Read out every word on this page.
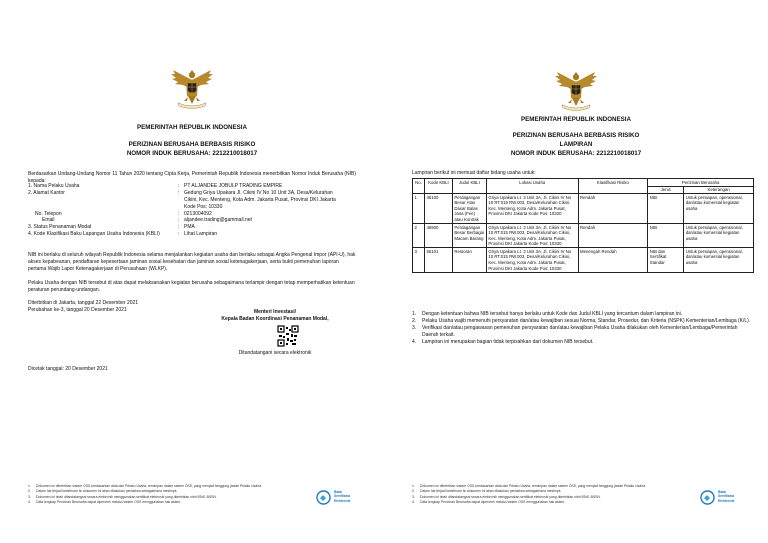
PEMERINTAH REPUBLIK INDONESIA
PERIZINAN BERUSAHA BERBASIS RISIKO
NOMOR INDUK BERUSAHA: 2212210018017
Berdasarkan Undang-Undang Nomor 11 Tahun 2020 tentang Cipta Kerja, Pemerintah Republik Indonesia menerbitkan Nomor Induk Berusaha (NIB) kepada:
1. Nama Pelaku Usaha	: PT ALJANDEE JOBULP TRADING EMPIRE
2. Alamat Kantor	: Gedung Griya Upakara Jl. Cikini IV No 10 Unit 3A, Desa/Kelurahan Cikini, Kec. Menteng, Kota Adm. Jakarta Pusat, Provinsi DKI Jakarta
Kode Pos: 10330
No. Telepon	: 0213004092
Email	: aljandee.trading@gammail.net
3. Status Penanaman Modal	: PMA
4. Kode Klasifikasi Baku Lapangan Usaha Indonesia (KBLI)	: Lihat Lampiran
NIB ini berlaku di seluruh wilayah Republik Indonesia selama menjalankan kegiatan usaha dan berlaku sebagai Angka Pengenal Impor (API-U), hak akses kepabeanan, pendaftaran kepesertaan jaminan sosial kesehatan dan jaminan sosial ketenagakerjaan, serta bukti pemenuhan laporan pertama Wajib Lapor Ketenagakerjaan di Perusahaan (WLKP).
Pelaku Usaha dengan NIB tersebut di atas dapat melaksanakan kegiatan berusaha sebagaimana terlampir dengan tetap memperhatikan ketentuan peraturan perundang-undangan.
Diterbitkan di Jakarta, tanggal 22 Desember 2021
Perubahan ke-3, tanggal 20 Desember 2021	Menteri Investasi/
Kepala Badan Koordinasi Penanaman Modal,
Ditandatangani secara elektronik
Dicetak tanggal: 20 Desember 2021
1.	Dokumen ini diterbitkan sistem OSS berdasarkan data dari Pelaku Usaha, tersimpan dalam sistem OSS, yang menjadi tanggung jawab Pelaku Usaha.
2.	Dalam hal terjadi kekeliruan isi dokumen ini akan dilakukan perbaikan sebagaimana mestinya.
3.	Dokumen ini telah ditandatangani secara elektronik menggunakan sertifikat elektronik yang diterbitkan oleh BSrE-BSSN.
4.	Data lengkap Perizinan Berusaha dapat diperoleh melalui sistem OSS menggunakan hak akses.
Balai
Sertifikasi
Elektronik
PEMERINTAH REPUBLIK INDONESIA
PERIZINAN BERUSAHA BERBASIS RISIKO
LAMPIRAN
NOMOR INDUK BERUSAHA: 2212210018017
Lampiran berikut ini memuat daftar bidang usaha untuk:
No.	Kode KBLI	Judul KBLI	Lokasi Usaha	Klasifikasi Risiko	Perizinan Berusaha	
					Jenis	Keterangan
1	46100	Perdagangan Besar Atas Dasar Balas Jasa (Fee) atau Kontrak	Griya Upakara Lt. 3 Unit 3A, Jl. Cikini IV No 10 RT.015 RW.003, Desa/Kelurahan Cikini, Kec. Menteng, Kota Adm. Jakarta Pusat, Provinsi DKI Jakarta Kode Pos: 10330	Rendah	NIB	Untuk persiapan, operasional, dan/atau komersial kegiatan usaha
2	46900	Perdagangan Besar Berbagai Macam Barang	Griya Upakara Lt. 3 Unit 3A, Jl. Cikini IV No 10 RT.015 RW.003, Desa/Kelurahan Cikini, Kec. Menteng, Kota Adm. Jakarta Pusat, Provinsi DKI Jakarta Kode Pos: 10330	Rendah	NIB	Untuk persiapan, operasional, dan/atau komersial kegiatan usaha
3	56101	Restoran	Griya Upakara Lt. 3 Unit 3A, Jl. Cikini IV No 10 RT.015 RW.003, Desa/Kelurahan Cikini, Kec. Menteng, Kota Adm. Jakarta Pusat, Provinsi DKI Jakarta Kode Pos: 10330	Menengah Rendah	NIB dan Sertifikat Standar	Untuk persiapan, operasional, dan/atau komersial kegiatan usaha
1.	Dengan ketentuan bahwa NIB tersebut hanya berlaku untuk Kode dan Judul KBLI yang tercantum dalam lampiran ini.
2.	Pelaku Usaha wajib memenuhi persyaratan dan/atau kewajiban sesuai Norma, Standar, Prosedur, dan Kriteria (NSPK) Kementerian/Lembaga (K/L).
3.	Verifikasi dan/atau pengawasan pemenuhan persyaratan dan/atau kewajiban Pelaku Usaha dilakukan oleh Kementerian/Lembaga/Pemerintah Daerah terkait.
4.	Lampiran ini merupakan bagian tidak terpisahkan dari dokumen NIB tersebut.
1.	Dokumen ini diterbitkan sistem OSS berdasarkan data dari Pelaku Usaha, tersimpan dalam sistem OSS, yang menjadi tanggung jawab Pelaku Usaha.
2.	Dalam hal terjadi kekeliruan isi dokumen ini akan dilakukan perbaikan sebagaimana mestinya.
3.	Dokumen ini telah ditandatangani secara elektronik menggunakan sertifikat elektronik yang diterbitkan oleh BSrE-BSSN.
4.	Data lengkap Perizinan Berusaha dapat diperoleh melalui sistem OSS menggunakan hak akses.
Balai
Sertifikasi
Elektronik
